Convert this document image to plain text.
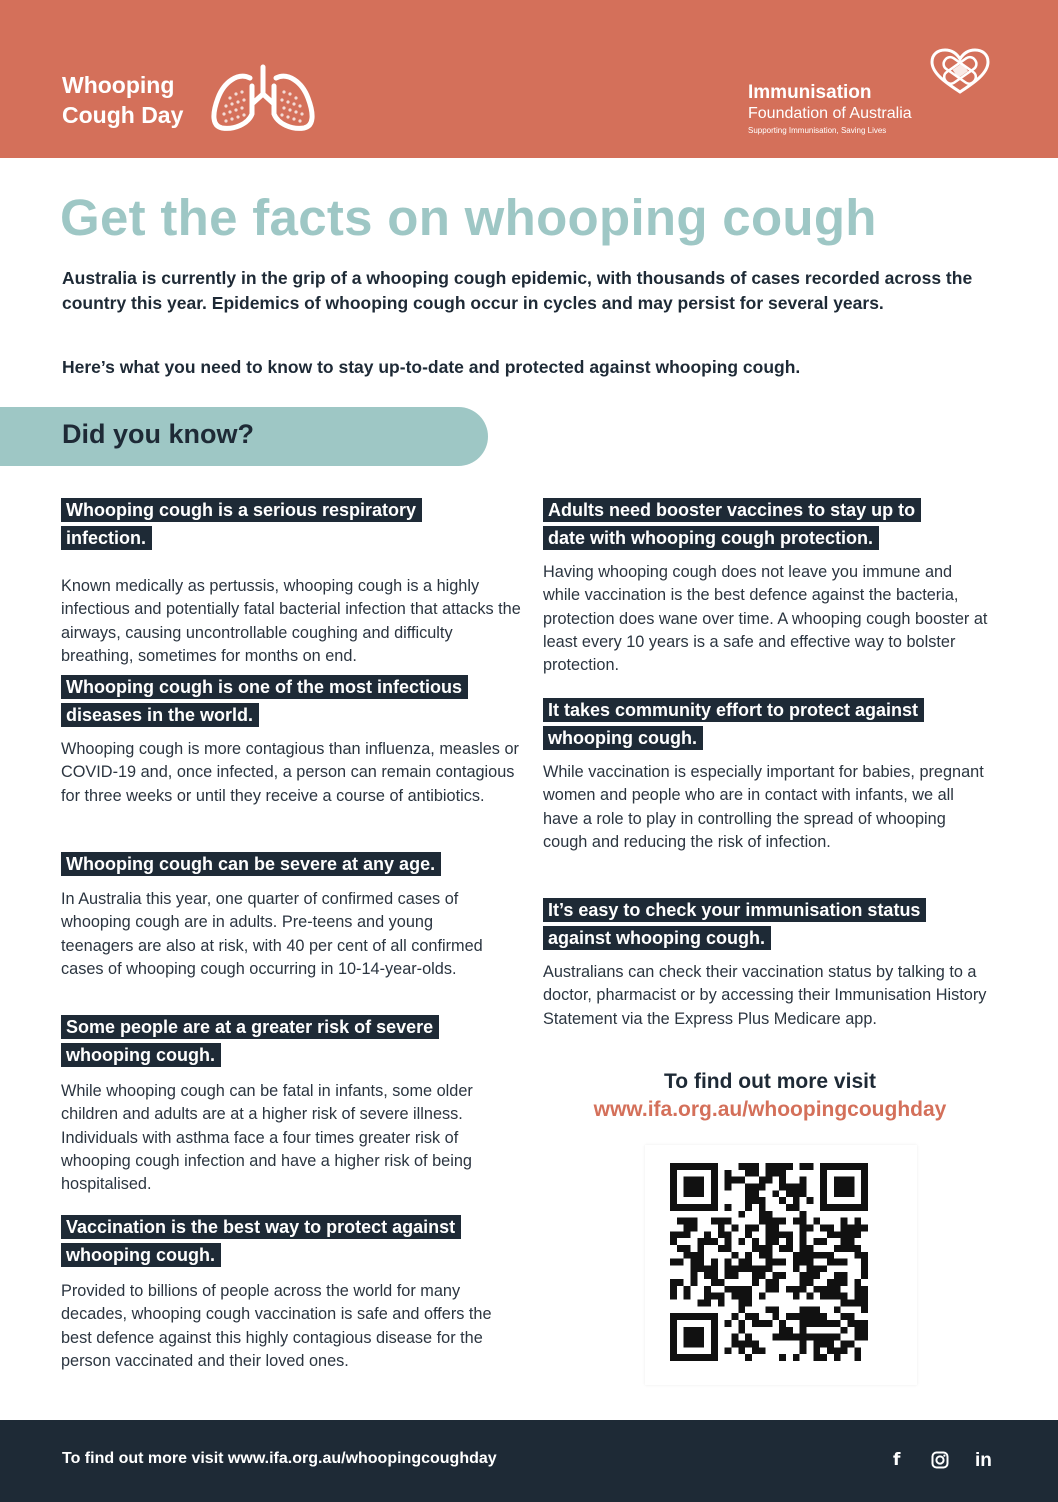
Whooping
Cough Day
Immunisation
Foundation of Australia
Supporting Immunisation, Saving Lives
Get the facts on whooping cough
Australia is currently in the grip of a whooping cough epidemic, with thousands of cases recorded across the country this year. Epidemics of whooping cough occur in cycles and may persist for several years.
Here’s what you need to know to stay up-to-date and protected against whooping cough.
Did you know?
Whooping cough is a serious respiratory
infection.
Known medically as pertussis, whooping cough is a highly infectious and potentially fatal bacterial infection that attacks the airways, causing uncontrollable coughing and difficulty breathing, sometimes for months on end.
Whooping cough is one of the most infectious
diseases in the world.
Whooping cough is more contagious than influenza, measles or COVID-19 and, once infected, a person can remain contagious for three weeks or until they receive a course of antibiotics.
Whooping cough can be severe at any age.
In Australia this year, one quarter of confirmed cases of whooping cough are in adults. Pre-teens and young teenagers are also at risk, with 40 per cent of all confirmed cases of whooping cough occurring in 10-14-year-olds.
Some people are at a greater risk of severe
whooping cough.
While whooping cough can be fatal in infants, some older children and adults are at a higher risk of severe illness. Individuals with asthma face a four times greater risk of whooping cough infection and have a higher risk of being hospitalised.
Vaccination is the best way to protect against
whooping cough.
Provided to billions of people across the world for many decades, whooping cough vaccination is safe and offers the best defence against this highly contagious disease for the person vaccinated and their loved ones.
Adults need booster vaccines to stay up to
date with whooping cough protection.
Having whooping cough does not leave you immune and while vaccination is the best defence against the bacteria, protection does wane over time. A whooping cough booster at least every 10 years is a safe and effective way to bolster protection.
It takes community effort to protect against
whooping cough.
While vaccination is especially important for babies, pregnant women and people who are in contact with infants, we all have a role to play in controlling the spread of whooping cough and reducing the risk of infection.
It’s easy to check your immunisation status
against whooping cough.
Australians can check their vaccination status by talking to a doctor, pharmacist or by accessing their Immunisation History Statement via the Express Plus Medicare app.
To find out more visit
www.ifa.org.au/whoopingcoughday
To find out more visit www.ifa.org.au/whoopingcoughday	f	in
